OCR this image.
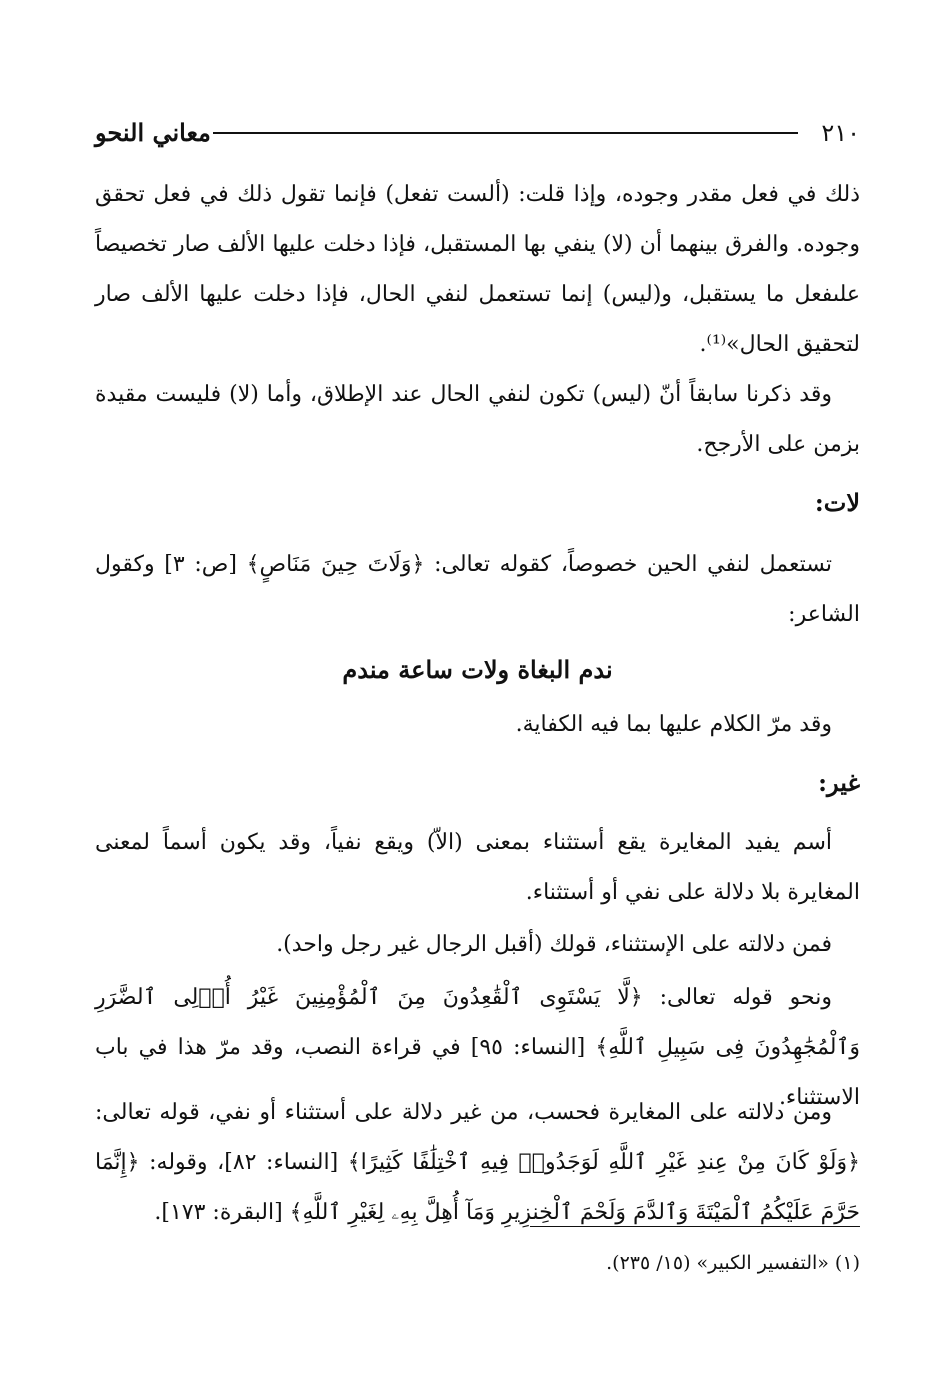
٢١٠
معاني النحو

ذلك في فعل مقدر وجوده، وإذا قلت: (ألست تفعل) فإنما تقول ذلك في فعل تحقق وجوده. والفرق بينهما أن (لا) ينفي بها المستقبل، فإذا دخلت عليها الألف صار تخصيصاً علىفعل ما يستقبل، و(ليس) إنما تستعمل لنفي الحال، فإذا دخلت عليها الألف صار لتحقيق الحال»⁽¹⁾.

وقد ذكرنا سابقاً أنّ (ليس) تكون لنفي الحال عند الإطلاق، وأما (لا) فليست مقيدة بزمن على الأرجح.

لات:

تستعمل لنفي الحين خصوصاً، كقوله تعالى: ﴿وَلَاتَ حِينَ مَنَاصٍ﴾ [ص: ٣] وكقول الشاعر:

ندم البغاة ولات ساعة مندم

وقد مرّ الكلام عليها بما فيه الكفاية.

غير:

أسم يفيد المغايرة يقع أستثناء بمعنى (الاّ) ويقع نفياً، وقد يكون أسماً لمعنى المغايرة بلا دلالة على نفي أو أستثناء.

فمن دلالته على الإستثناء، قولك (أقبل الرجال غير رجل واحد).

ونحو قوله تعالى: ﴿لَّا يَسْتَوِى ٱلْقَٰعِدُونَ مِنَ ٱلْمُؤْمِنِينَ غَيْرُ أُو۟لِى ٱلضَّرَرِ وَٱلْمُجَٰهِدُونَ فِى سَبِيلِ ٱللَّهِ﴾ [النساء: ٩٥] في قراءة النصب، وقد مرّ هذا في باب الاستثناء.

ومن دلالته على المغايرة فحسب، من غير دلالة على أستثناء أو نفي، قوله تعالى: ﴿وَلَوْ كَانَ مِنْ عِندِ غَيْرِ ٱللَّهِ لَوَجَدُوا۟ فِيهِ ٱخْتِلَٰفًا كَثِيرًا﴾ [النساء: ٨٢]، وقوله: ﴿إِنَّمَا حَرَّمَ عَلَيْكُمُ ٱلْمَيْتَةَ وَٱلدَّمَ وَلَحْمَ ٱلْخِنزِيرِ وَمَآ أُهِلَّ بِهِۦ لِغَيْرِ ٱللَّهِ﴾ [البقرة: ١٧٣].

(١) «التفسير الكبير» (١٥/ ٢٣٥).
